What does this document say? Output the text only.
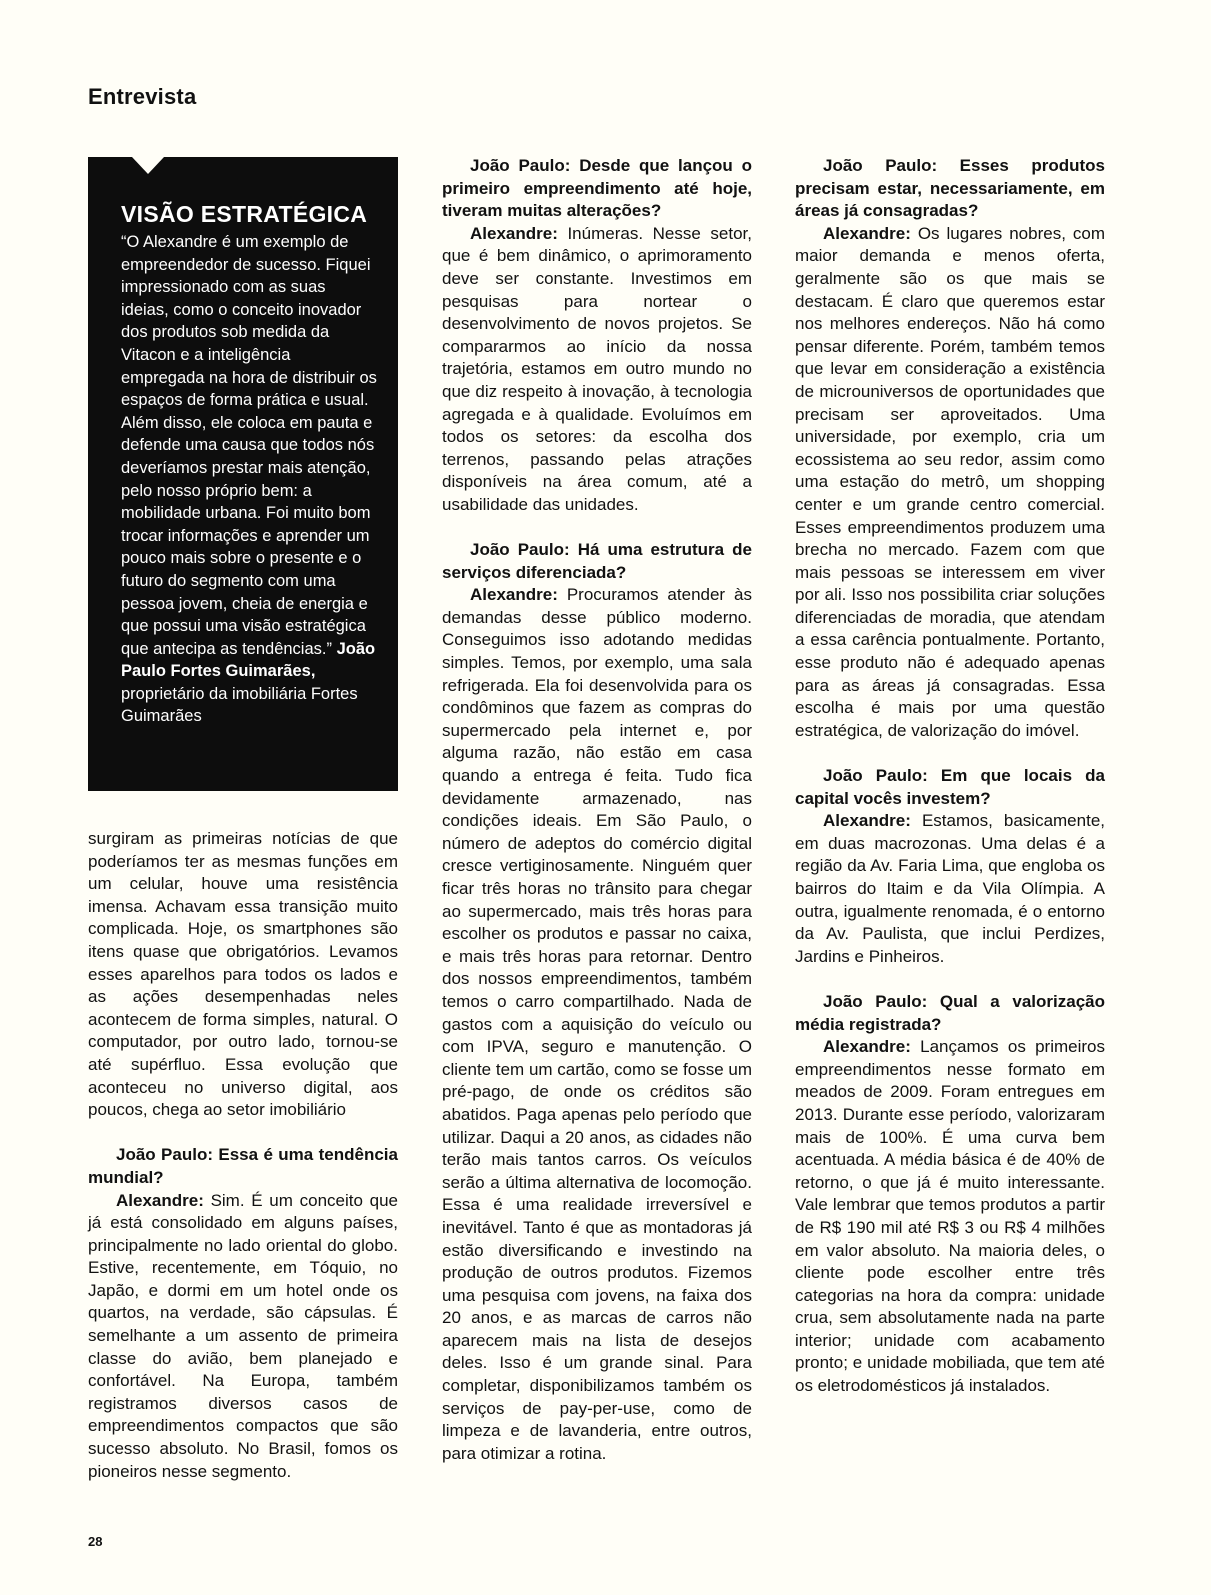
Entrevista
VISÃO ESTRATÉGICA

“O Alexandre é um exemplo de empreendedor de sucesso. Fiquei impressionado com as suas ideias, como o conceito inovador dos produtos sob medida da Vitacon e a inteligência empregada na hora de distribuir os espaços de forma prática e usual. Além disso, ele coloca em pauta e defende uma causa que todos nós deveríamos prestar mais atenção, pelo nosso próprio bem: a mobilidade urbana. Foi muito bom trocar informações e aprender um pouco mais sobre o presente e o futuro do segmento com uma pessoa jovem, cheia de energia e que possui uma visão estratégica que antecipa as tendências.” João Paulo Fortes Guimarães, proprietário da imobiliária Fortes Guimarães

surgiram as primeiras notícias de que poderíamos ter as mesmas funções em um celular, houve uma resistência imensa. Achavam essa transição muito complicada. Hoje, os smartphones são itens quase que obrigatórios. Levamos esses aparelhos para todos os lados e as ações desempenhadas neles acontecem de forma simples, natural. O computador, por outro lado, tornou-se até supérfluo. Essa evolução que aconteceu no universo digital, aos poucos, chega ao setor imobiliário

João Paulo: Essa é uma tendência mundial?

Alexandre: Sim. É um conceito que já está consolidado em alguns países, principalmente no lado oriental do globo. Estive, recentemente, em Tóquio, no Japão, e dormi em um hotel onde os quartos, na verdade, são cápsulas. É semelhante a um assento de primeira classe do avião, bem planejado e confortável. Na Europa, também registramos diversos casos de empreendimentos compactos que são sucesso absoluto. No Brasil, fomos os pioneiros nesse segmento.

João Paulo: Desde que lançou o primeiro empreendimento até hoje, tiveram muitas alterações?

Alexandre: Inúmeras. Nesse setor, que é bem dinâmico, o aprimoramento deve ser constante. Investimos em pesquisas para nortear o desenvolvimento de novos projetos. Se compararmos ao início da nossa trajetória, estamos em outro mundo no que diz respeito à inovação, à tecnologia agregada e à qualidade. Evoluímos em todos os setores: da escolha dos terrenos, passando pelas atrações disponíveis na área comum, até a usabilidade das unidades.

João Paulo: Há uma estrutura de serviços diferenciada?

Alexandre: Procuramos atender às demandas desse público moderno. Conseguimos isso adotando medidas simples. Temos, por exemplo, uma sala refrigerada. Ela foi desenvolvida para os condôminos que fazem as compras do supermercado pela internet e, por alguma razão, não estão em casa quando a entrega é feita. Tudo fica devidamente armazenado, nas condições ideais. Em São Paulo, o número de adeptos do comércio digital cresce vertiginosamente. Ninguém quer ficar três horas no trânsito para chegar ao supermercado, mais três horas para escolher os produtos e passar no caixa, e mais três horas para retornar. Dentro dos nossos empreendimentos, também temos o carro compartilhado. Nada de gastos com a aquisição do veículo ou com IPVA, seguro e manutenção. O cliente tem um cartão, como se fosse um pré-pago, de onde os créditos são abatidos. Paga apenas pelo período que utilizar. Daqui a 20 anos, as cidades não terão mais tantos carros. Os veículos serão a última alternativa de locomoção. Essa é uma realidade irreversível e inevitável. Tanto é que as montadoras já estão diversificando e investindo na produção de outros produtos. Fizemos uma pesquisa com jovens, na faixa dos 20 anos, e as marcas de carros não aparecem mais na lista de desejos deles. Isso é um grande sinal. Para completar, disponibilizamos também os serviços de pay-per-use, como de limpeza e de lavanderia, entre outros, para otimizar a rotina.

João Paulo: Esses produtos precisam estar, necessariamente, em áreas já consagradas?

Alexandre: Os lugares nobres, com maior demanda e menos oferta, geralmente são os que mais se destacam. É claro que queremos estar nos melhores endereços. Não há como pensar diferente. Porém, também temos que levar em consideração a existência de microuniversos de oportunidades que precisam ser aproveitados. Uma universidade, por exemplo, cria um ecossistema ao seu redor, assim como uma estação do metrô, um shopping center e um grande centro comercial. Esses empreendimentos produzem uma brecha no mercado. Fazem com que mais pessoas se interessem em viver por ali. Isso nos possibilita criar soluções diferenciadas de moradia, que atendam a essa carência pontualmente. Portanto, esse produto não é adequado apenas para as áreas já consagradas. Essa escolha é mais por uma questão estratégica, de valorização do imóvel.

João Paulo: Em que locais da capital vocês investem?

Alexandre: Estamos, basicamente, em duas macrozonas. Uma delas é a região da Av. Faria Lima, que engloba os bairros do Itaim e da Vila Olímpia. A outra, igualmente renomada, é o entorno da Av. Paulista, que inclui Perdizes, Jardins e Pinheiros.

João Paulo: Qual a valorização média registrada?

Alexandre: Lançamos os primeiros empreendimentos nesse formato em meados de 2009. Foram entregues em 2013. Durante esse período, valorizaram mais de 100%. É uma curva bem acentuada. A média básica é de 40% de retorno, o que já é muito interessante. Vale lembrar que temos produtos a partir de R$ 190 mil até R$ 3 ou R$ 4 milhões em valor absoluto. Na maioria deles, o cliente pode escolher entre três categorias na hora da compra: unidade crua, sem absolutamente nada na parte interior; unidade com acabamento pronto; e unidade mobiliada, que tem até os eletrodomésticos já instalados.

28
